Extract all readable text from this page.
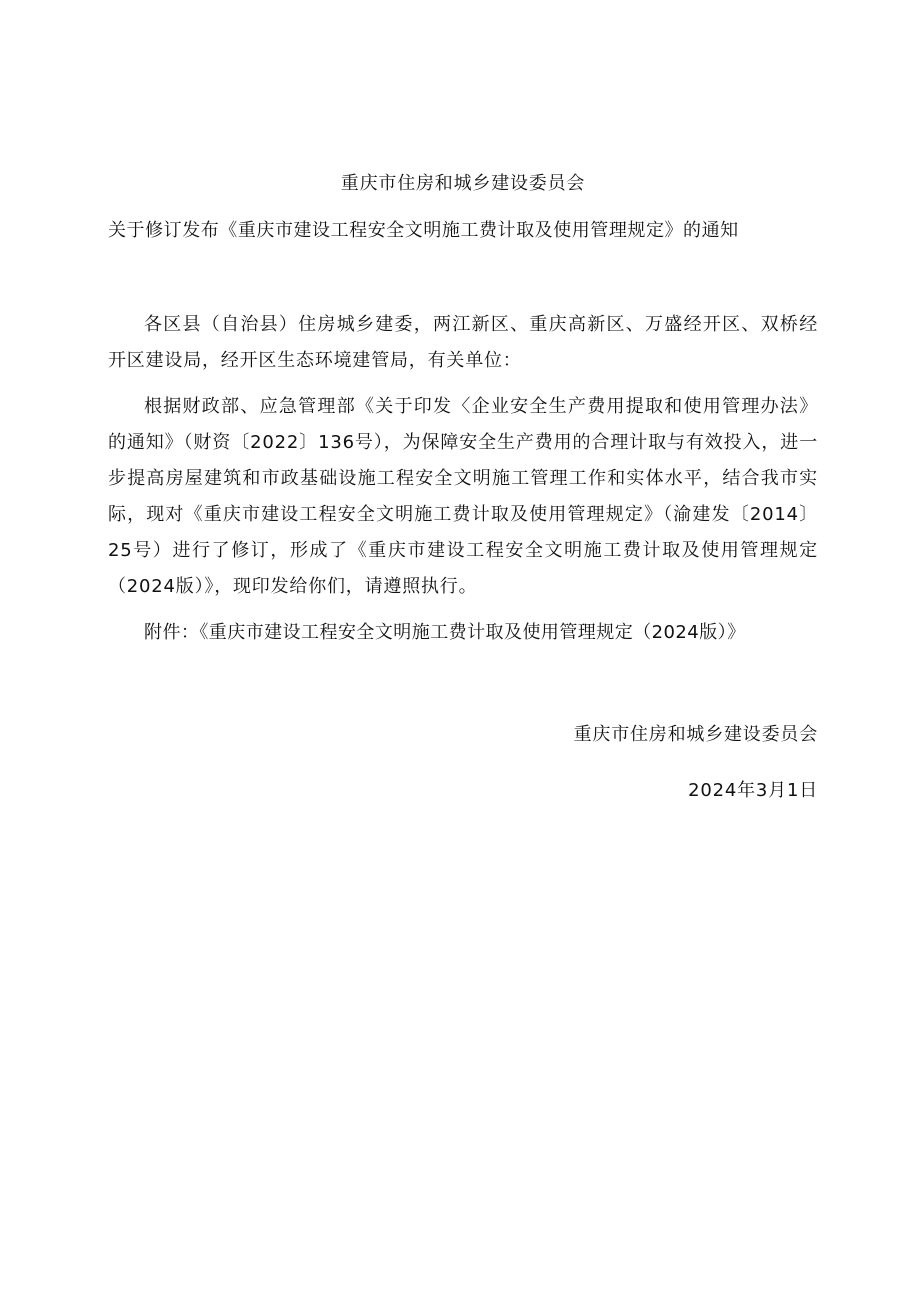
重庆市住房和城乡建设委员会
关于修订发布《重庆市建设工程安全文明施工费计取及使用管理规定》的通知

各区县（自治县）住房城乡建委，两江新区、重庆高新区、万盛经开区、双桥经开区建设局，经开区生态环境建管局，有关单位：

根据财政部、应急管理部《关于印发〈企业安全生产费用提取和使用管理办法》的通知》（财资〔2022〕136号），为保障安全生产费用的合理计取与有效投入，进一步提高房屋建筑和市政基础设施工程安全文明施工管理工作和实体水平，结合我市实际，现对《重庆市建设工程安全文明施工费计取及使用管理规定》（渝建发〔2014〕25号）进行了修订，形成了《重庆市建设工程安全文明施工费计取及使用管理规定（2024版）》，现印发给你们，请遵照执行。

附件：《重庆市建设工程安全文明施工费计取及使用管理规定（2024版）》

重庆市住房和城乡建设委员会

2024年3月1日
